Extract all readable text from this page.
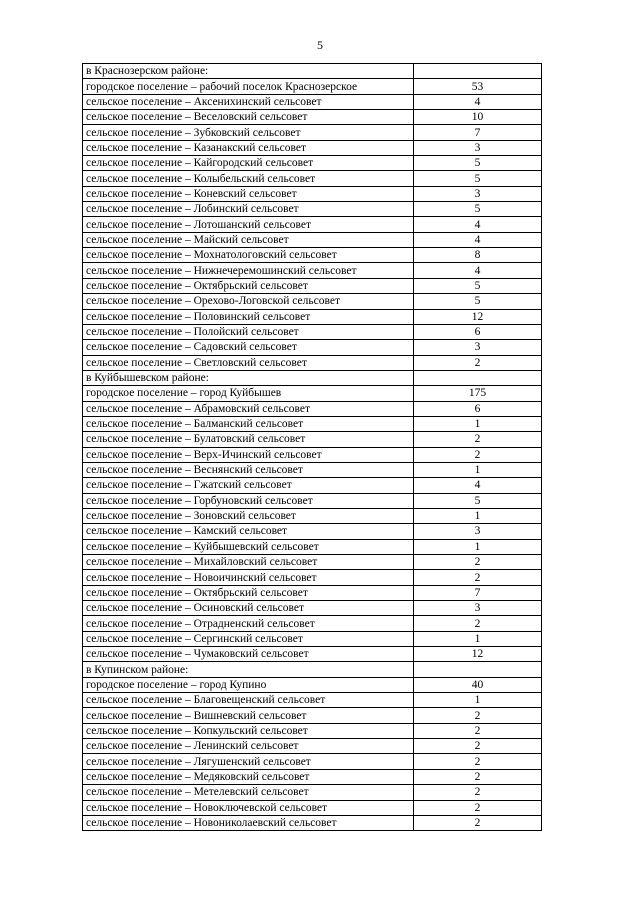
5
в Краснозерском районе:	
городское поселение – рабочий поселок Краснозерское	53
сельское поселение – Аксенихинский сельсовет	4
сельское поселение – Веселовский сельсовет	10
сельское поселение – Зубковский сельсовет	7
сельское поселение – Казанакский сельсовет	3
сельское поселение – Кайгородский сельсовет	5
сельское поселение – Колыбельский сельсовет	5
сельское поселение – Коневский сельсовет	3
сельское поселение – Лобинский сельсовет	5
сельское поселение – Лотошанский сельсовет	4
сельское поселение – Майский сельсовет	4
сельское поселение – Мохнатологовский сельсовет	8
сельское поселение – Нижнечеремошинский сельсовет	4
сельское поселение – Октябрьский сельсовет	5
сельское поселение – Орехово-Логовской сельсовет	5
сельское поселение – Половинский сельсовет	12
сельское поселение – Полойский сельсовет	6
сельское поселение – Садовский сельсовет	3
сельское поселение – Светловский сельсовет	2
в Куйбышевском районе:	
городское поселение – город Куйбышев	175
сельское поселение – Абрамовский сельсовет	6
сельское поселение – Балманский сельсовет	1
сельское поселение – Булатовский сельсовет	2
сельское поселение – Верх-Ичинский сельсовет	2
сельское поселение – Веснянский сельсовет	1
сельское поселение – Гжатский сельсовет	4
сельское поселение – Горбуновский сельсовет	5
сельское поселение – Зоновский сельсовет	1
сельское поселение – Камский сельсовет	3
сельское поселение – Куйбышевский сельсовет	1
сельское поселение – Михайловский сельсовет	2
сельское поселение – Новоичинский сельсовет	2
сельское поселение – Октябрьский сельсовет	7
сельское поселение – Осиновский сельсовет	3
сельское поселение – Отрадненский сельсовет	2
сельское поселение – Сергинский сельсовет	1
сельское поселение – Чумаковский сельсовет	12
в Купинском районе:	
городское поселение – город Купино	40
сельское поселение – Благовещенский сельсовет	1
сельское поселение – Вишневский сельсовет	2
сельское поселение – Копкульский сельсовет	2
сельское поселение – Ленинский сельсовет	2
сельское поселение – Лягушенский сельсовет	2
сельское поселение – Медяковский сельсовет	2
сельское поселение – Метелевский сельсовет	2
сельское поселение – Новоключевской сельсовет	2
сельское поселение – Новониколаевский сельсовет	2
